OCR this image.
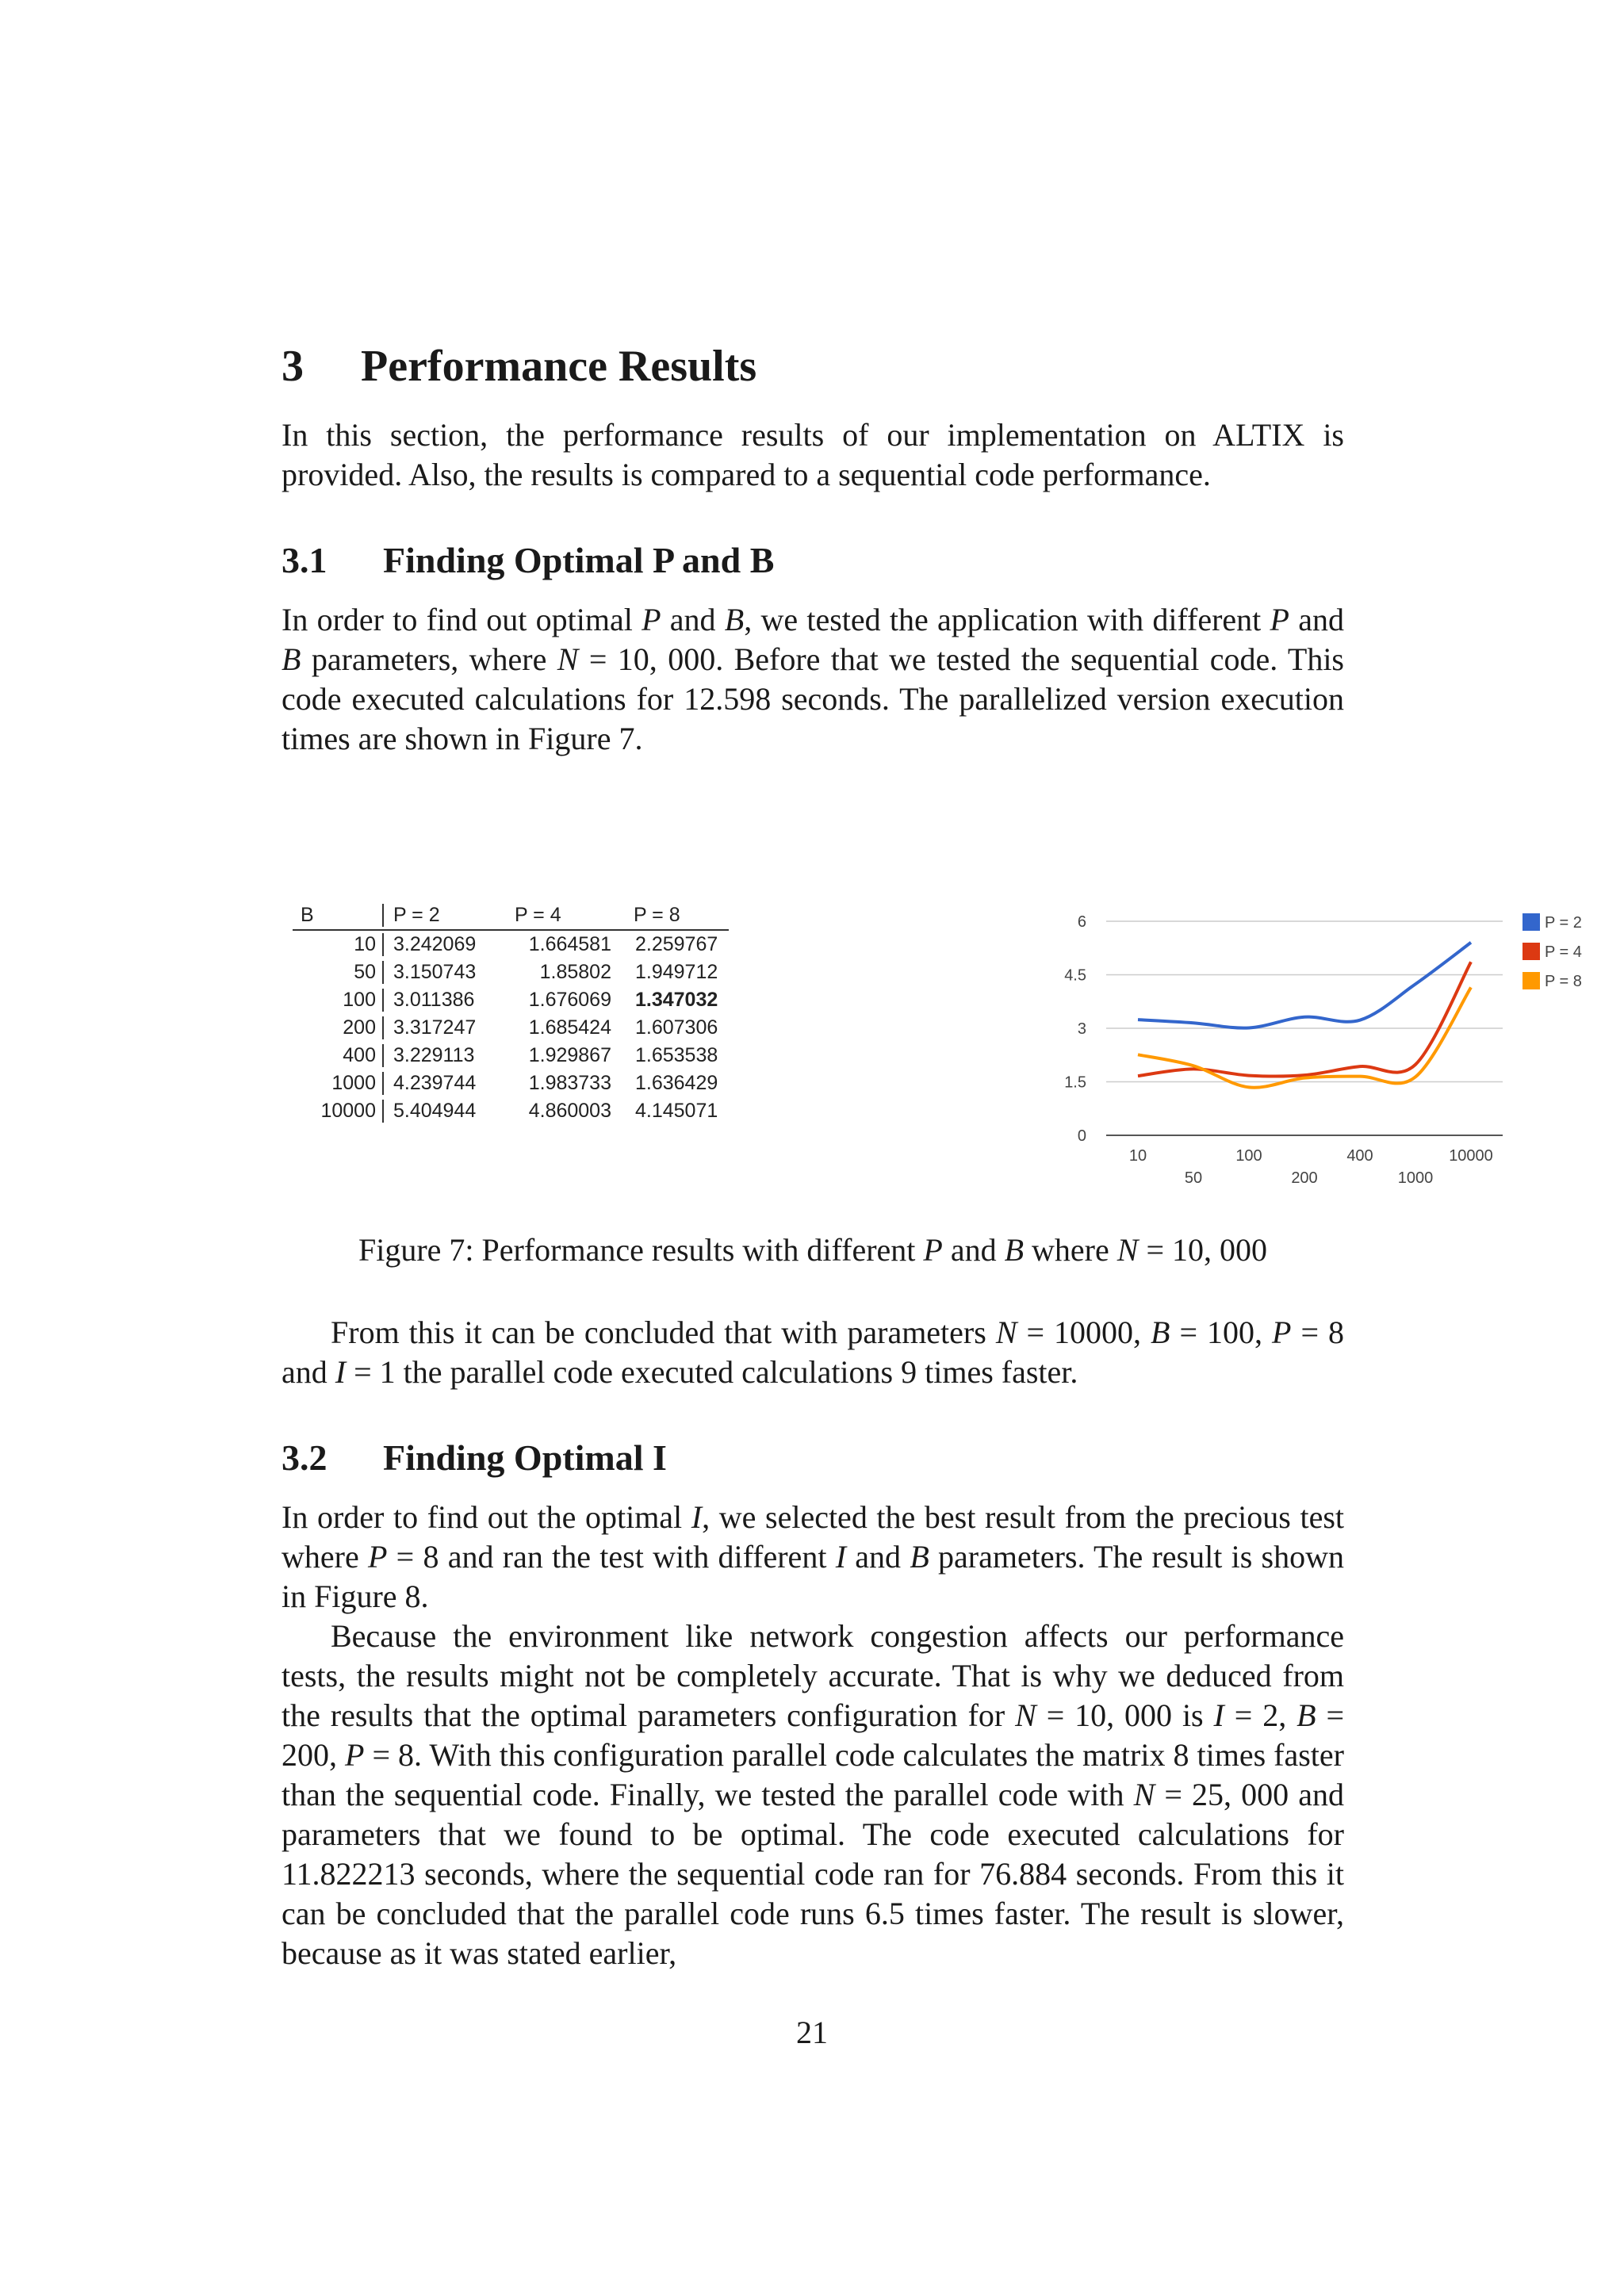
3	Performance Results

In this section, the performance results of our implementation on ALTIX is provided. Also, the results is compared to a sequential code performance.

3.1	Finding Optimal P and B

In order to find out optimal P and B, we tested the application with different P and B parameters, where N = 10, 000. Before that we tested the sequential code. This code executed calculations for 12.598 seconds. The parallelized version execution times are shown in Figure 7.

B	P = 2	P = 4	P = 8
10 3.242069	1.664581	2.259767
50 3.150743	1.85802	1.949712
100 3.011386	1.676069	1.347032
200 3.317247	1.685424	1.607306
400 3.229113	1.929867	1.653538
1000 4.239744	1.983733	1.636429
10000 5.404944	4.860003	4.145071
0
1.5
3
4.5
6
10
50
100
200
400
1000
10000
P = 2
P = 4
P = 8
Figure 7: Performance results with different P and B where N = 10, 000

From this it can be concluded that with parameters N = 10000, B = 100, P = 8 and I = 1 the parallel code executed calculations 9 times faster.

3.2	Finding Optimal I

In order to find out the optimal I, we selected the best result from the precious test where P = 8 and ran the test with different I and B parameters. The result is shown in Figure 8.

Because the environment like network congestion affects our performance tests, the results might not be completely accurate. That is why we deduced from the results that the optimal parameters configuration for N = 10, 000 is I = 2, B = 200, P = 8. With this configuration parallel code calculates the matrix 8 times faster than the sequential code. Finally, we tested the parallel code with N = 25, 000 and parameters that we found to be optimal. The code executed calculations for 11.822213 seconds, where the sequential code ran for 76.884 seconds. From this it can be concluded that the parallel code runs 6.5 times faster. The result is slower, because as it was stated earlier,

21
